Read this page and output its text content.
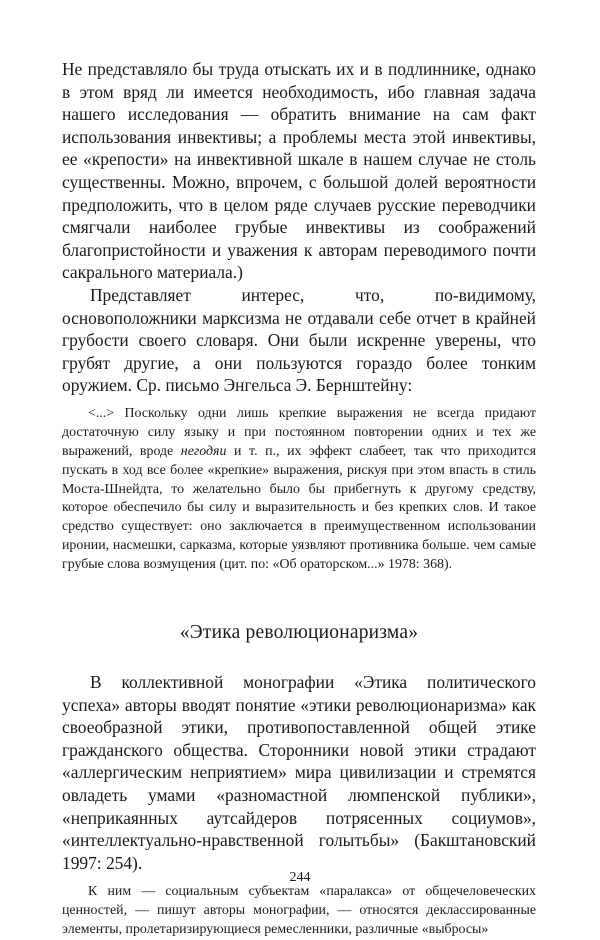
Не представляло бы труда отыскать их и в подлиннике, однако в этом вряд ли имеется необходимость, ибо главная задача нашего исследования — обратить внимание на сам факт использования инвективы; а проблемы места этой инвективы, ее «крепости» на инвективной шкале в нашем случае не столь существенны. Можно, впрочем, с большой долей вероятности предположить, что в целом ряде случаев русские переводчики смягчали наиболее грубые инвективы из соображений благопристойности и уважения к авторам переводимого почти сакрального материала.)

Представляет интерес, что, по-видимому, основоположники марксизма не отдавали себе отчет в крайней грубости своего словаря. Они были искренне уверены, что грубят другие, а они пользуются гораздо более тонким оружием. Ср. письмо Энгельса Э. Бернштейну:

<...> Поскольку одни лишь крепкие выражения не всегда придают достаточную силу языку и при постоянном повторении одних и тех же выражений, вроде негодяи и т. п., их эффект слабеет, так что приходится пускать в ход все более «крепкие» выражения, рискуя при этом впасть в стиль Моста-Шнейдта, то желательно было бы прибегнуть к другому средству, которое обеспечило бы силу и выразительность и без крепких слов. И такое средство существует: оно заключается в преимущественном использовании иронии, насмешки, сарказма, которые уязвляют противника больше. чем самые грубые слова возмущения (цит. по: «Об ораторском...» 1978: 368).

«Этика революционаризма»

В коллективной монографии «Этика политического успеха» авторы вводят понятие «этики революционаризма» как своеобразной этики, противопоставленной общей этике гражданского общества. Сторонники новой этики страдают «аллергическим неприятием» мира цивилизации и стремятся овладеть умами «разномастной люмпенской публики», «неприкаянных аутсайдеров потрясенных социумов», «интеллектуально-нравственной голытьбы» (Бакштановский 1997: 254).

К ним — социальным субъектам «паралакса» от общечеловеческих ценностей, — пишут авторы монографии, — относятся деклассированные элементы, пролетаризирующиеся ремесленники, различные «выбросы»

244
